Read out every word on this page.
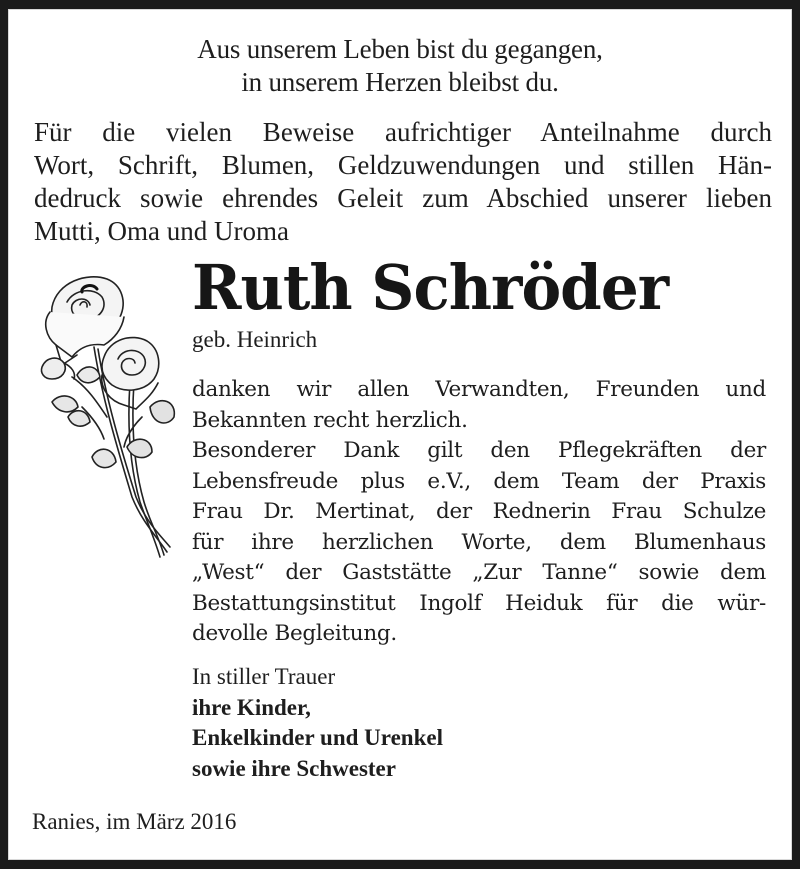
Aus unserem Leben bist du gegangen,
in unserem Herzen bleibst du.
Für die vielen Beweise aufrichtiger Anteilnahme durch
Wort, Schrift, Blumen, Geldzuwendungen und stillen Hän-
dedruck sowie ehrendes Geleit zum Abschied unserer lieben
Mutti, Oma und Uroma
Ruth Schröder
geb. Heinrich
danken wir allen Verwandten, Freunden und
Bekannten recht herzlich.
Besonderer Dank gilt den Pflegekräften der
Lebensfreude plus e.V., dem Team der Praxis
Frau Dr. Mertinat, der Rednerin Frau Schulze
für ihre herzlichen Worte, dem Blumenhaus
„West“ der Gaststätte „Zur Tanne“ sowie dem
Bestattungsinstitut Ingolf Heiduk für die wür-
devolle Begleitung.
In stiller Trauer
ihre Kinder,
Enkelkinder und Urenkel
sowie ihre Schwester
Ranies, im März 2016
